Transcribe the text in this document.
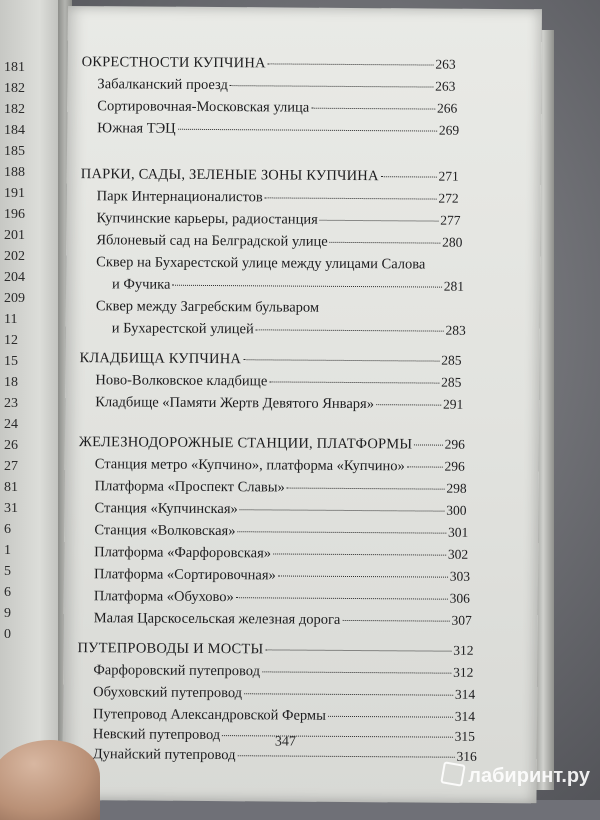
181
182
182
184
185
188
191
196
201
202
204
209
11
12
15
18
23
24
26
27
81
31
6
1
5
6
9
0
ОКРЕСТНОСТИ КУПЧИНА	263
Забалканский проезд	263
Сортировочная-Московская улица	266
Южная ТЭЦ	269
ПАРКИ, САДЫ, ЗЕЛЕНЫЕ ЗОНЫ КУПЧИНА	271
Парк Интернационалистов	272
Купчинские карьеры, радиостанция	277
Яблоневый сад на Белградской улице	280
Сквер на Бухарестской улице между улицами Салова
и Фучика	281
Сквер между Загребским бульваром
и Бухарестской улицей	283
КЛАДБИЩА КУПЧИНА	285
Ново-Волковское кладбище	285
Кладбище «Памяти Жертв Девятого Января»	291
ЖЕЛЕЗНОДОРОЖНЫЕ СТАНЦИИ, ПЛАТФОРМЫ 296
Станция метро «Купчино», платформа «Купчино»	296
Платформа «Проспект Славы»	298
Станция «Купчинская»	300
Станция «Волковская»	301
Платформа «Фарфоровская»	302
Платформа «Сортировочная»	303
Платформа «Обухово»	306
Малая Царскосельская железная дорога	307
ПУТЕПРОВОДЫ И МОСТЫ	312
Фарфоровский путепровод	312
Обуховский путепровод	314
Путепровод Александровской Фермы	314
Невский путепровод	315
Дунайский путепровод	316
347
лабиринт.ру
